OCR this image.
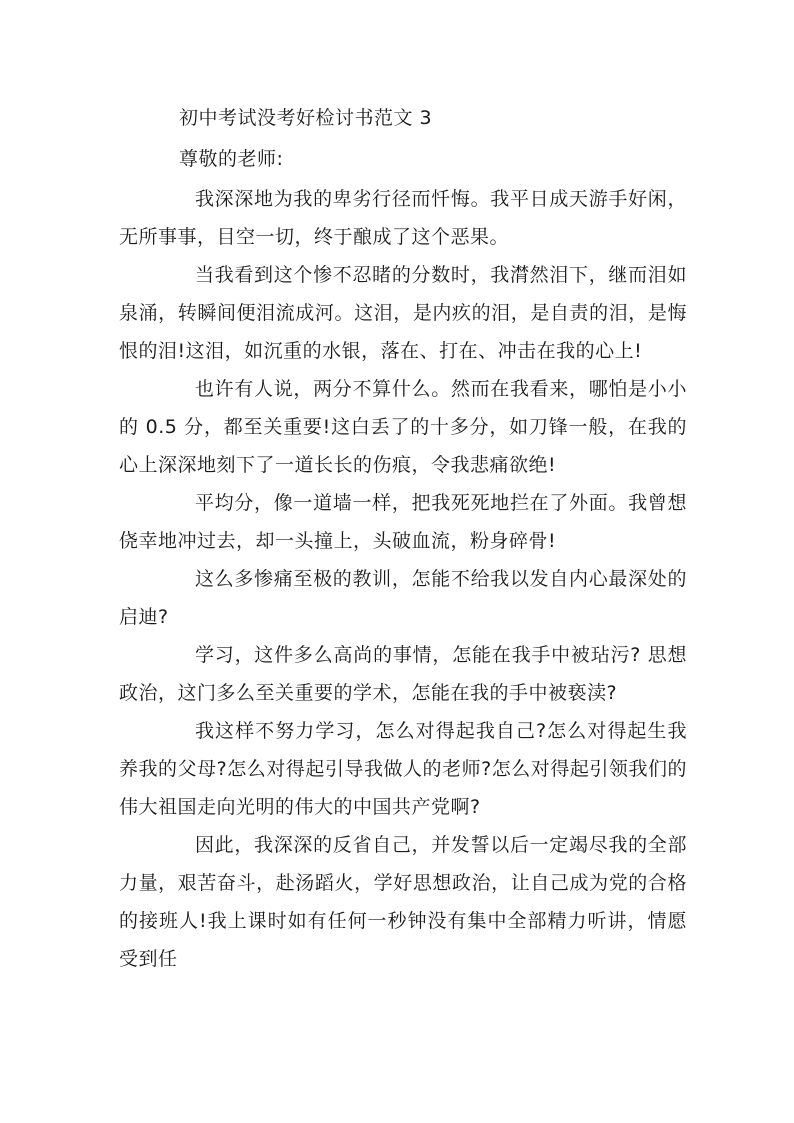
初中考试没考好检讨书范文 3
尊敬的老师:

我深深地为我的卑劣行径而忏悔。我平日成天游手好闲，无所事事，目空一切，终于酿成了这个恶果。

当我看到这个惨不忍睹的分数时，我潸然泪下，继而泪如泉涌，转瞬间便泪流成河。这泪，是内疚的泪，是自责的泪，是悔恨的泪!这泪，如沉重的水银，落在、打在、冲击在我的心上!

也许有人说，两分不算什么。然而在我看来，哪怕是小小的 0.5 分，都至关重要!这白丢了的十多分，如刀锋一般，在我的心上深深地刻下了一道长长的伤痕，令我悲痛欲绝!

平均分，像一道墙一样，把我死死地拦在了外面。我曾想侥幸地冲过去，却一头撞上，头破血流，粉身碎骨!

这么多惨痛至极的教训，怎能不给我以发自内心最深处的启迪?

学习，这件多么高尚的事情，怎能在我手中被玷污? 思想政治，这门多么至关重要的学术，怎能在我的手中被亵渎?

我这样不努力学习，怎么对得起我自己?怎么对得起生我养我的父母?怎么对得起引导我做人的老师?怎么对得起引领我们的伟大祖国走向光明的伟大的中国共产党啊?

因此，我深深的反省自己，并发誓以后一定竭尽我的全部力量，艰苦奋斗，赴汤蹈火，学好思想政治，让自己成为党的合格的接班人!我上课时如有任何一秒钟没有集中全部精力听讲，情愿受到任
